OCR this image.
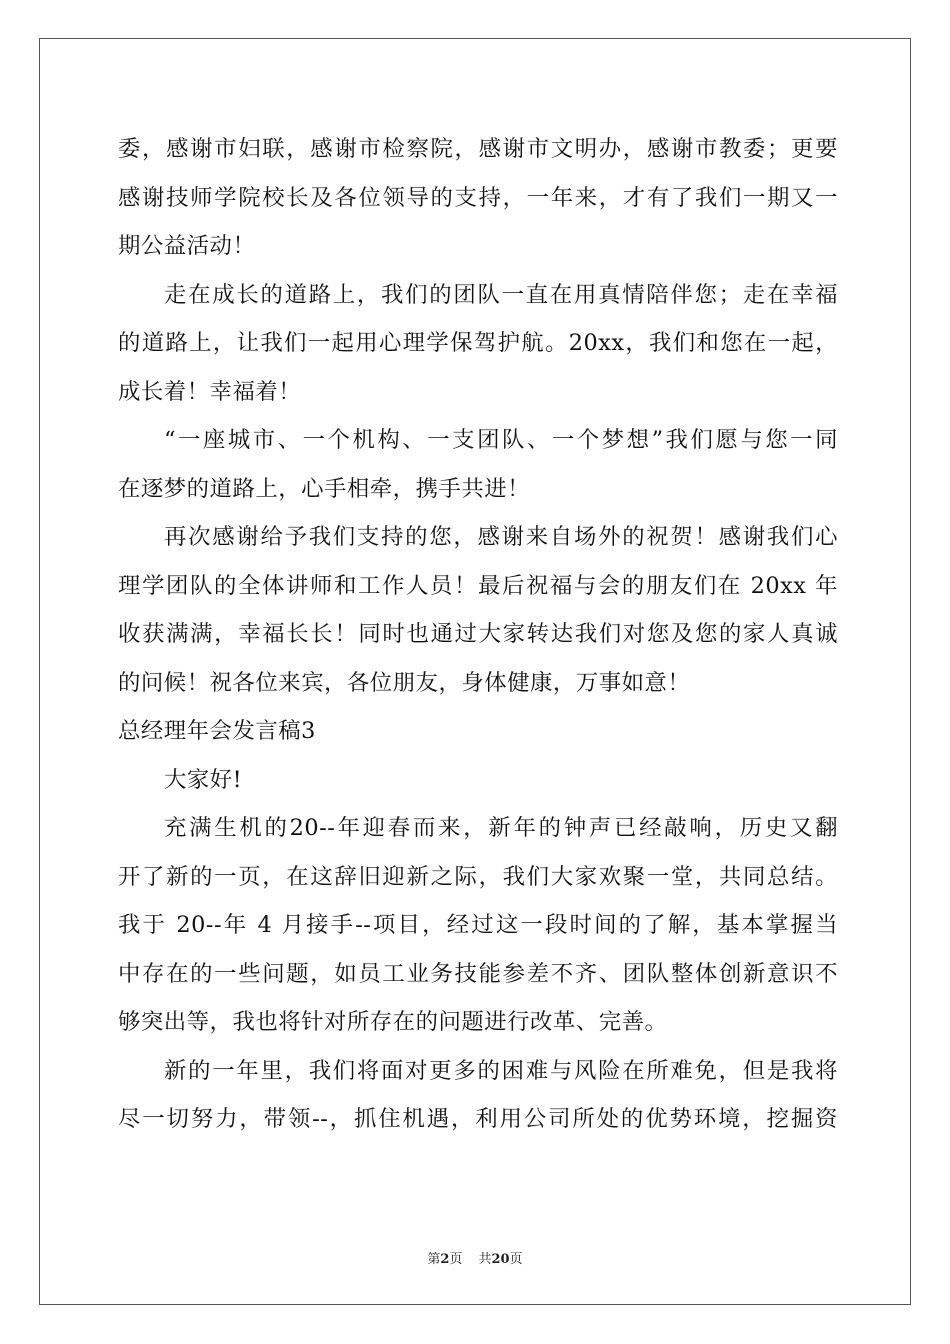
委，感谢市妇联，感谢市检察院，感谢市文明办，感谢市教委；更要
感谢技师学院校长及各位领导的支持，一年来，才有了我们一期又一
期公益活动！
走在成长的道路上，我们的团队一直在用真情陪伴您；走在幸福
的道路上，让我们一起用心理学保驾护航。20xx，我们和您在一起，
成长着！幸福着！
“一座城市、一个机构、一支团队、一个梦想”我们愿与您一同
在逐梦的道路上，心手相牵，携手共进！
再次感谢给予我们支持的您，感谢来自场外的祝贺！感谢我们心
理学团队的全体讲师和工作人员！最后祝福与会的朋友们在 20xx 年
收获满满，幸福长长！同时也通过大家转达我们对您及您的家人真诚
的问候！祝各位来宾，各位朋友，身体健康，万事如意！
总经理年会发言稿3
大家好!
充满生机的20--年迎春而来，新年的钟声已经敲响，历史又翻
开了新的一页，在这辞旧迎新之际，我们大家欢聚一堂，共同总结。
我于 20--年 4 月接手--项目，经过这一段时间的了解，基本掌握当
中存在的一些问题，如员工业务技能参差不齐、团队整体创新意识不
够突出等，我也将针对所存在的问题进行改革、完善。
新的一年里，我们将面对更多的困难与风险在所难免，但是我将
尽一切努力，带领--，抓住机遇，利用公司所处的优势环境，挖掘资
第2页 共20页
